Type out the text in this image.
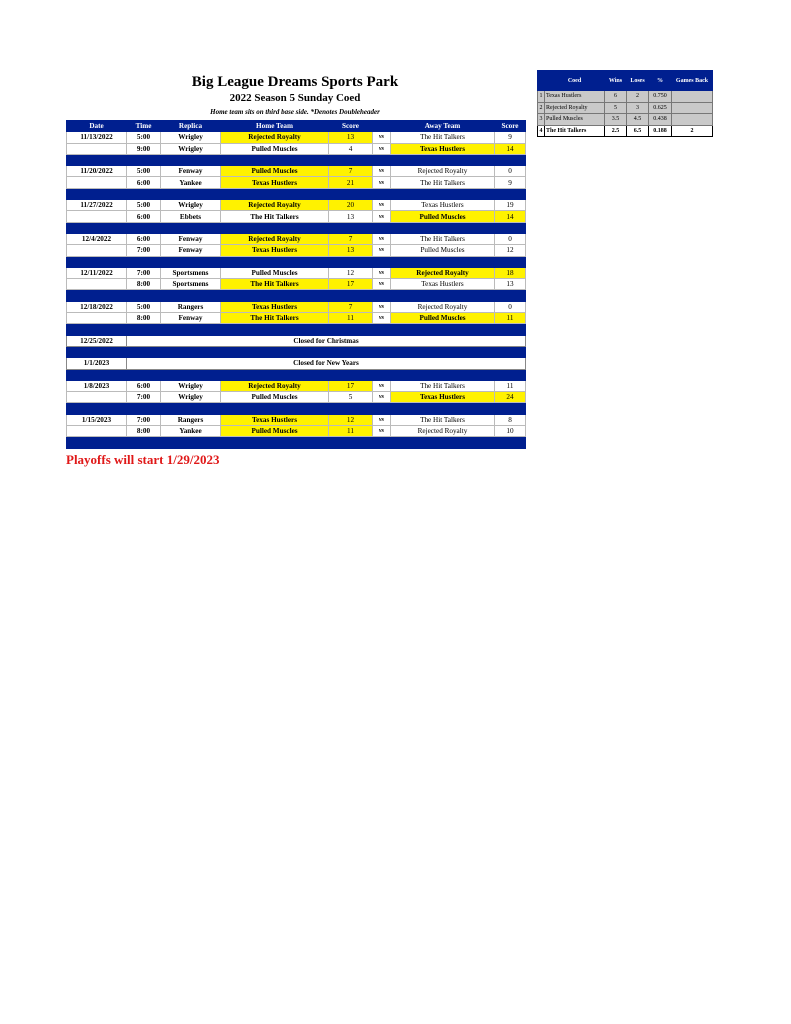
Big League Dreams Sports Park
2022 Season 5 Sunday Coed
Home team sits on third base side. *Denotes Doubleheader
Date	Time	Replica	Home Team	Score		Away Team	Score
11/13/2022	5:00	Wrigley	Rejected Royalty	13	vs	The Hit Talkers	9
	9:00	Wrigley	Pulled Muscles	4	vs	Texas Hustlers	14

11/20/2022	5:00	Fenway	Pulled Muscles	7	vs	Rejected Royalty	0
	6:00	Yankee	Texas Hustlers	21	vs	The Hit Talkers	9

11/27/2022	5:00	Wrigley	Rejected Royalty	20	vs	Texas Hustlers	19
	6:00	Ebbets	The Hit Talkers	13	vs	Pulled Muscles	14

12/4/2022	6:00	Fenway	Rejected Royalty	7	vs	The Hit Talkers	0
	7:00	Fenway	Texas Hustlers	13	vs	Pulled Muscles	12

12/11/2022	7:00	Sportsmens	Pulled Muscles	12	vs	Rejected Royalty	18
	8:00	Sportsmens	The Hit Talkers	17	vs	Texas Hustlers	13

12/18/2022	5:00	Rangers	Texas Hustlers	7	vs	Rejected Royalty	0
	8:00	Fenway	The Hit Talkers	11	vs	Pulled Muscles	11

12/25/2022	Closed for Christmas						

1/1/2023	Closed for New Years						

1/8/2023	6:00	Wrigley	Rejected Royalty	17	vs	The Hit Talkers	11
	7:00	Wrigley	Pulled Muscles	5	vs	Texas Hustlers	24

1/15/2023	7:00	Rangers	Texas Hustlers	12	vs	The Hit Talkers	8
	8:00	Yankee	Pulled Muscles	11	vs	Rejected Royalty	10

	Coed	Wins	Loses	%	Games Back
1	Texas Hustlers	6	2	0.750	
2	Rejected Royalty	5	3	0.625	
3	Pulled Muscles	3.5	4.5	0.438	
4	The Hit Talkers	2.5	6.5	0.188	2
Playoffs will start 1/29/2023
